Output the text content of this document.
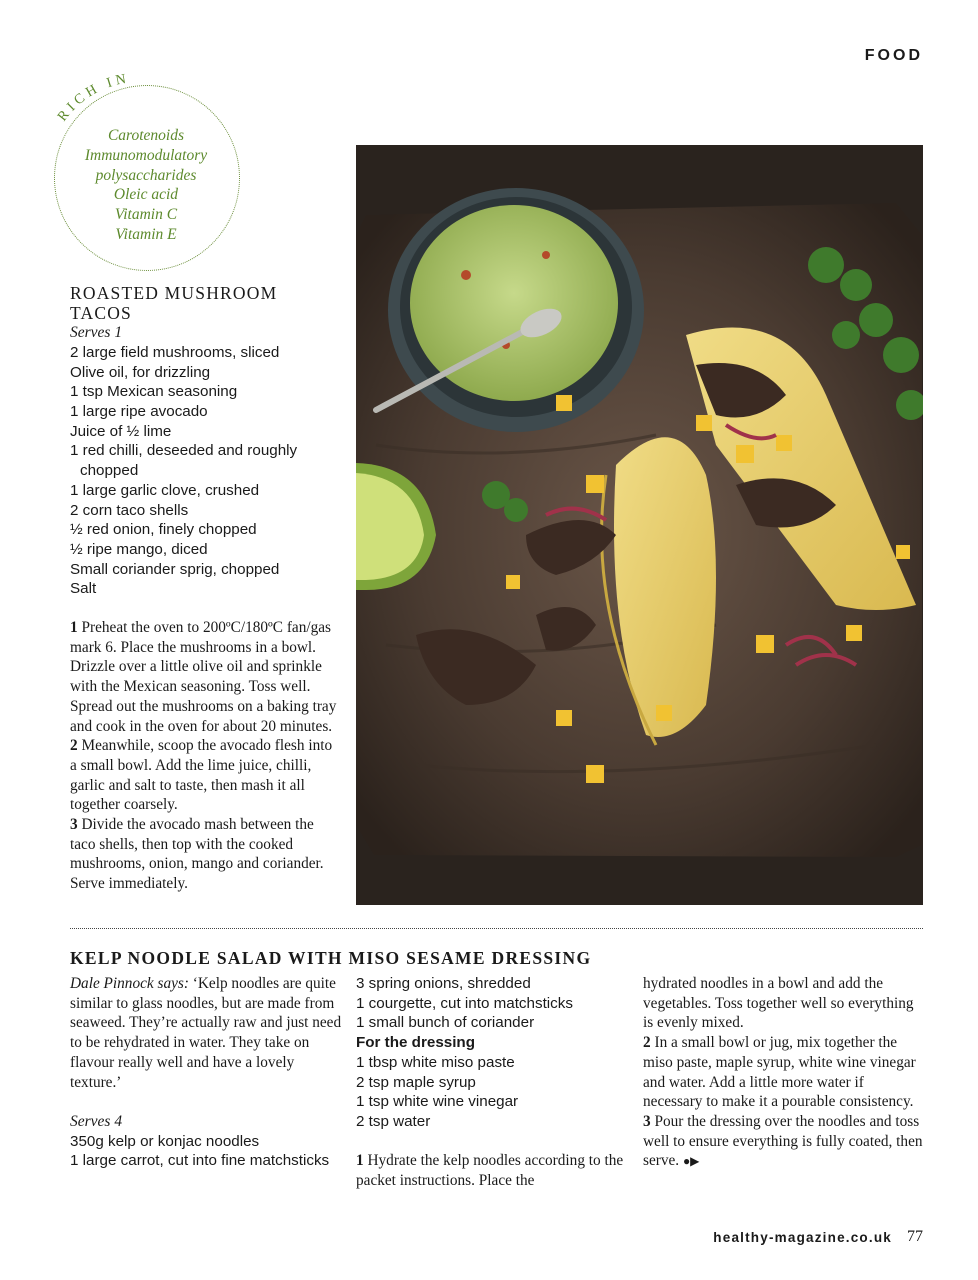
FOOD
RICH IN
Carotenoids
Immunomodulatory
polysaccharides
Oleic acid
Vitamin C
Vitamin E
ROASTED MUSHROOM
TACOS
Serves 1
2 large field mushrooms, sliced
Olive oil, for drizzling
1 tsp Mexican seasoning
1 large ripe avocado
Juice of ½ lime
1 red chilli, deseeded and roughly chopped
1 large garlic clove, crushed
2 corn taco shells
½ red onion, finely chopped
½ ripe mango, diced
Small coriander sprig, chopped
Salt

1 Preheat the oven to 200ºC/180ºC fan/gas mark 6. Place the mushrooms in a bowl. Drizzle over a little olive oil and sprinkle with the Mexican seasoning. Toss well. Spread out the mushrooms on a baking tray and cook in the oven for about 20 minutes.
2 Meanwhile, scoop the avocado flesh into a small bowl. Add the lime juice, chilli, garlic and salt to taste, then mash it all together coarsely.
3 Divide the avocado mash between the taco shells, then top with the cooked mushrooms, onion, mango and coriander. Serve immediately.

KELP NOODLE SALAD WITH MISO SESAME DRESSING

Dale Pinnock says: ‘Kelp noodles are quite similar to glass noodles, but are made from seaweed. They’re actually raw and just need to be rehydrated in water. They take on flavour really well and have a lovely texture.’

Serves 4
350g kelp or konjac noodles
1 large carrot, cut into fine matchsticks
3 spring onions, shredded
1 courgette, cut into matchsticks
1 small bunch of coriander
For the dressing
1 tbsp white miso paste
2 tsp maple syrup
1 tsp white wine vinegar
2 tsp water

1 Hydrate the kelp noodles according to the packet instructions. Place the

hydrated noodles in a bowl and add the vegetables. Toss together well so everything is evenly mixed.
2 In a small bowl or jug, mix together the miso paste, maple syrup, white wine vinegar and water. Add a little more water if necessary to make it a pourable consistency.
3 Pour the dressing over the noodles and toss well to ensure everything is fully coated, then serve. ●▶

healthy-magazine.co.uk 77
